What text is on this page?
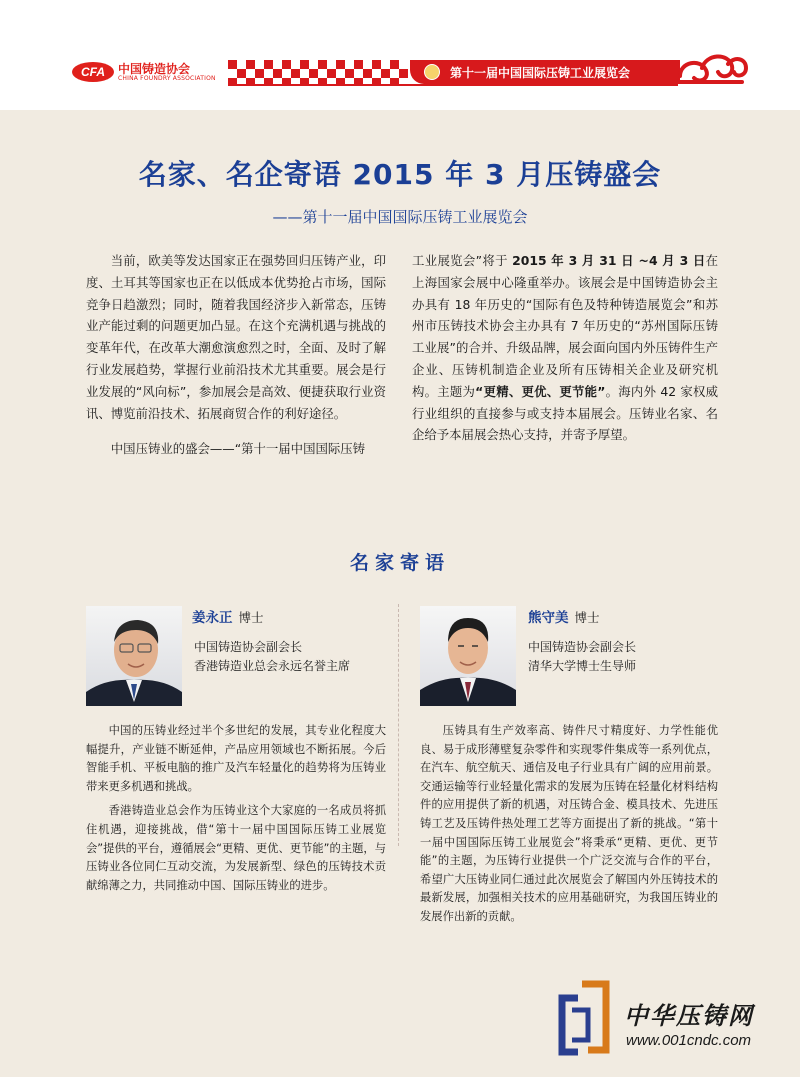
CFA	中国铸造协会
CHINA FOUNDRY ASSOCIATION	第十一届中国国际压铸工业展览会
名家、名企寄语 2015 年 3 月压铸盛会
——第十一届中国国际压铸工业展览会

当前，欧美等发达国家正在强势回归压铸产业，印度、土耳其等国家也正在以低成本优势抢占市场，国际竞争日趋激烈；同时，随着我国经济步入新常态，压铸业产能过剩的问题更加凸显。在这个充满机遇与挑战的变革年代，在改革大潮愈演愈烈之时，全面、及时了解行业发展趋势，掌握行业前沿技术尤其重要。展会是行业发展的“风向标”，参加展会是高效、便捷获取行业资讯、博览前沿技术、拓展商贸合作的利好途径。

中国压铸业的盛会——“第十一届中国国际压铸

工业展览会”将于 2015 年 3 月 31 日 ~4 月 3 日在上海国家会展中心隆重举办。该展会是中国铸造协会主办具有 18 年历史的“国际有色及特种铸造展览会”和苏州市压铸技术协会主办具有 7 年历史的“苏州国际压铸工业展”的合并、升级品牌，展会面向国内外压铸件生产企业、压铸机制造企业及所有压铸相关企业及研究机构。主题为“更精、更优、更节能”。海内外 42 家权威行业组织的直接参与或支持本届展会。压铸业名家、名企给予本届展会热心支持，并寄予厚望。

名家寄语
姜永正 博士
中国铸造协会副会长
香港铸造业总会永远名誉主席

中国的压铸业经过半个多世纪的发展，其专业化程度大幅提升，产业链不断延伸，产品应用领域也不断拓展。今后智能手机、平板电脑的推广及汽车轻量化的趋势将为压铸业带来更多机遇和挑战。

香港铸造业总会作为压铸业这个大家庭的一名成员将抓住机遇，迎接挑战，借“第十一届中国国际压铸工业展览会”提供的平台，遵循展会“更精、更优、更节能”的主题，与压铸业各位同仁互动交流，为发展新型、绿色的压铸技术贡献绵薄之力，共同推动中国、国际压铸业的进步。

熊守美 博士
中国铸造协会副会长
清华大学博士生导师

压铸具有生产效率高、铸件尺寸精度好、力学性能优良、易于成形薄壁复杂零件和实现零件集成等一系列优点，在汽车、航空航天、通信及电子行业具有广阔的应用前景。交通运输等行业轻量化需求的发展为压铸在轻量化材料结构件的应用提供了新的机遇，对压铸合金、模具技术、先进压铸工艺及压铸件热处理工艺等方面提出了新的挑战。“第十一届中国国际压铸工业展览会”将秉承“更精、更优、更节能”的主题，为压铸行业提供一个广泛交流与合作的平台，希望广大压铸业同仁通过此次展览会了解国内外压铸技术的最新发展，加强相关技术的应用基础研究，为我国压铸业的发展作出新的贡献。

中华压铸网
www.001cndc.com
